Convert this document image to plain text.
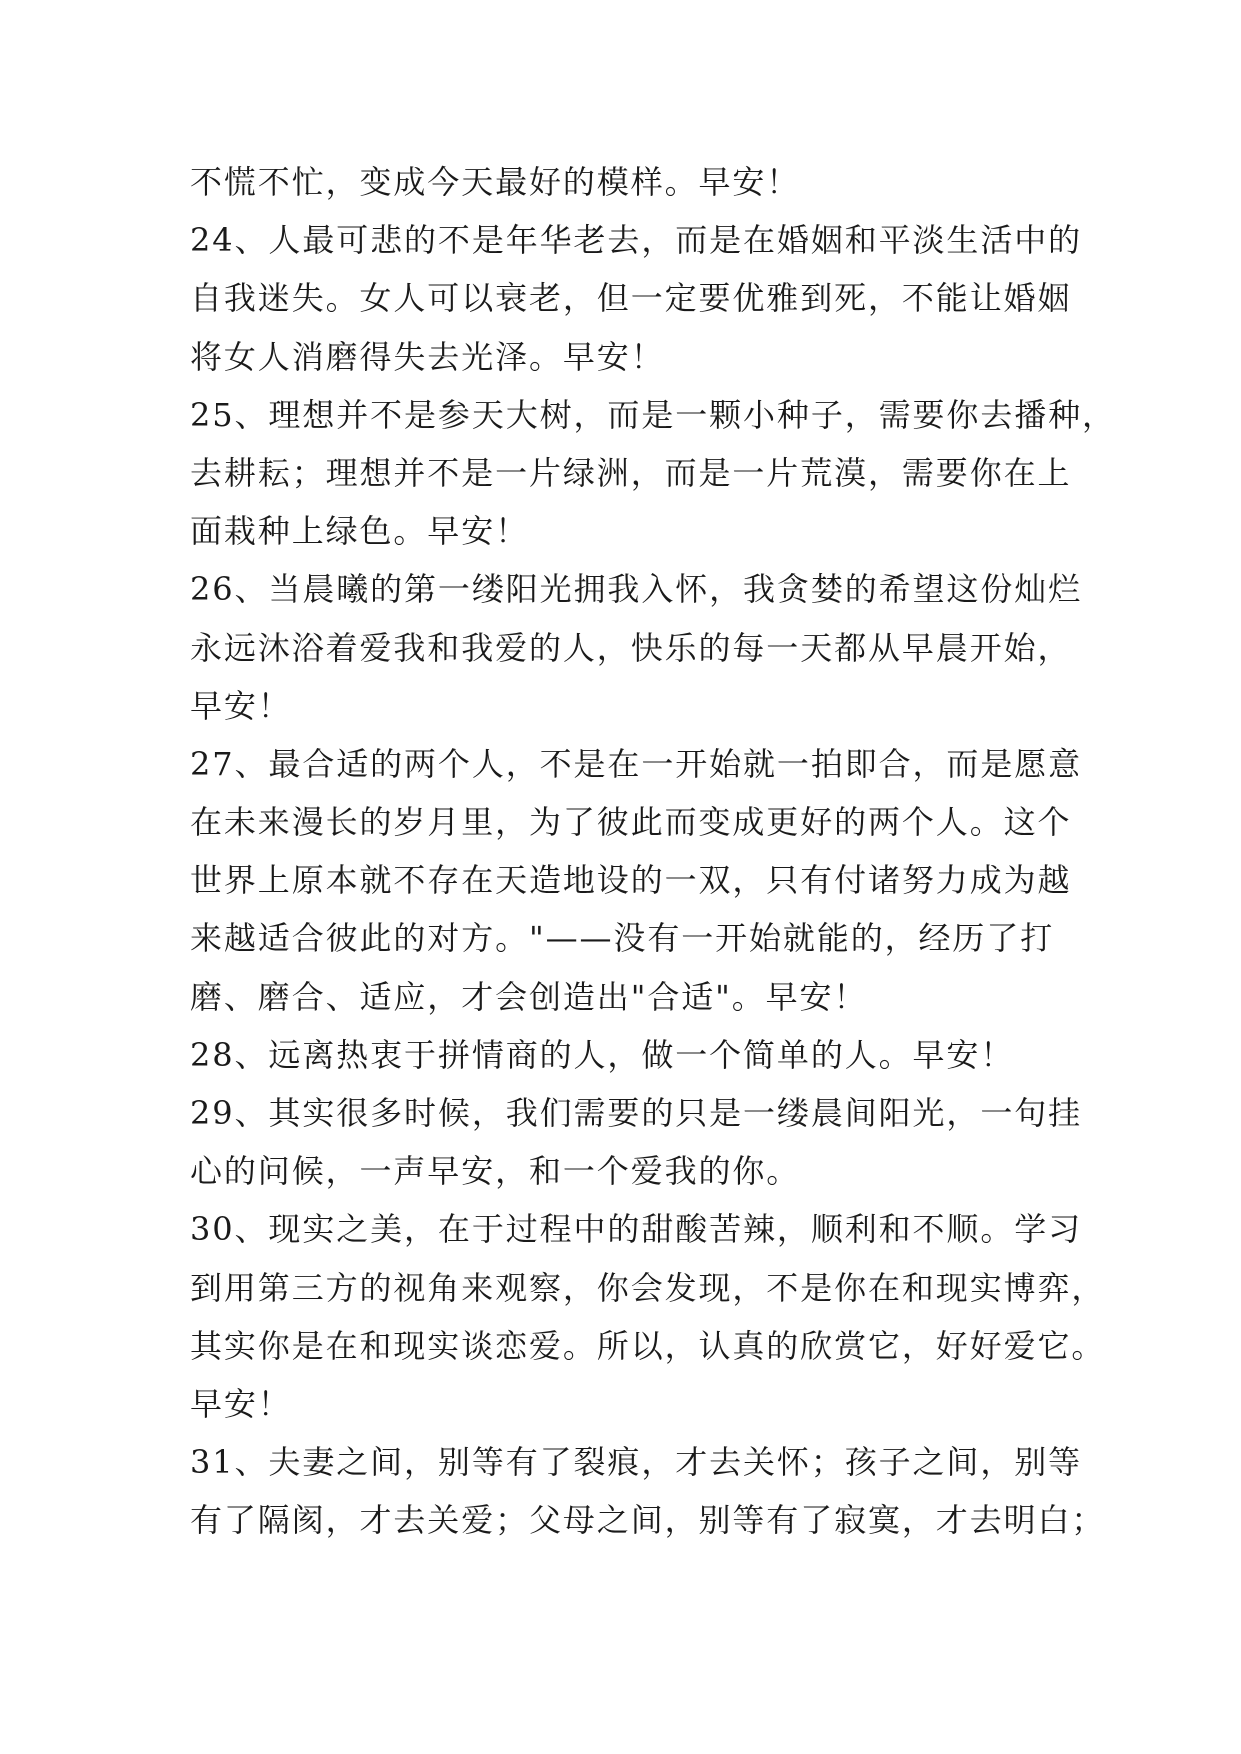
不慌不忙，变成今天最好的模样。早安！
24、人最可悲的不是年华老去，而是在婚姻和平淡生活中的
自我迷失。女人可以衰老，但一定要优雅到死，不能让婚姻
将女人消磨得失去光泽。早安！
25、理想并不是参天大树，而是一颗小种子，需要你去播种，
去耕耘；理想并不是一片绿洲，而是一片荒漠，需要你在上
面栽种上绿色。早安！
26、当晨曦的第一缕阳光拥我入怀，我贪婪的希望这份灿烂
永远沐浴着爱我和我爱的人，快乐的每一天都从早晨开始，
早安！
27、最合适的两个人，不是在一开始就一拍即合，而是愿意
在未来漫长的岁月里，为了彼此而变成更好的两个人。这个
世界上原本就不存在天造地设的一双，只有付诸努力成为越
来越适合彼此的对方。"——没有一开始就能的，经历了打
磨、磨合、适应，才会创造出"合适"。早安！
28、远离热衷于拼情商的人，做一个简单的人。早安！
29、其实很多时候，我们需要的只是一缕晨间阳光，一句挂
心的问候，一声早安，和一个爱我的你。
30、现实之美，在于过程中的甜酸苦辣，顺利和不顺。学习
到用第三方的视角来观察，你会发现，不是你在和现实博弈，
其实你是在和现实谈恋爱。所以，认真的欣赏它，好好爱它。
早安！
31、夫妻之间，别等有了裂痕，才去关怀；孩子之间，别等
有了隔阂，才去关爱；父母之间，别等有了寂寞，才去明白；
